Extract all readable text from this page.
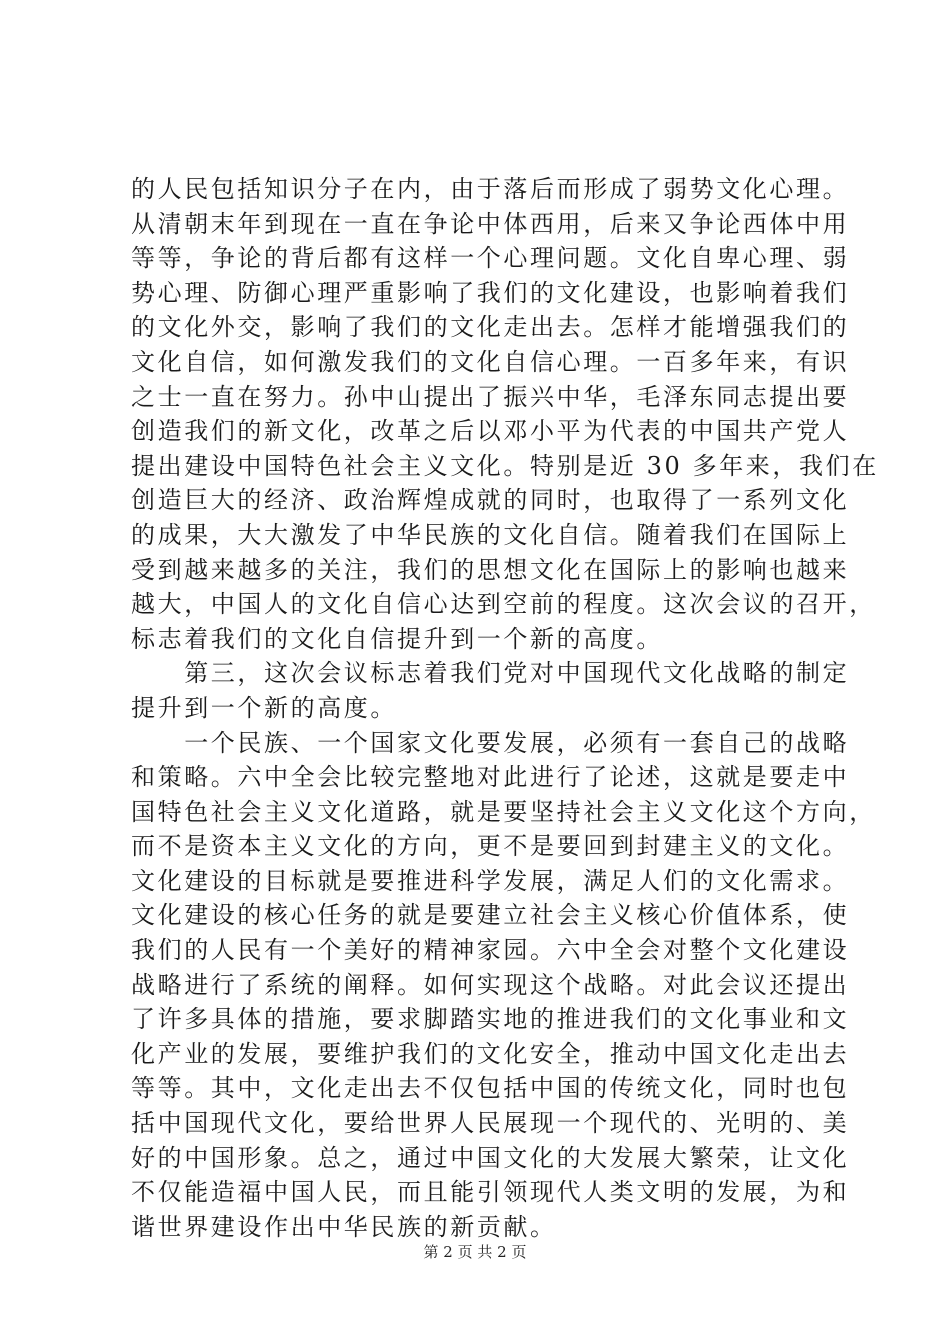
的人民包括知识分子在内，由于落后而形成了弱势文化心理。
从清朝末年到现在一直在争论中体西用，后来又争论西体中用
等等，争论的背后都有这样一个心理问题。文化自卑心理、弱
势心理、防御心理严重影响了我们的文化建设，也影响着我们
的文化外交，影响了我们的文化走出去。怎样才能增强我们的
文化自信，如何激发我们的文化自信心理。一百多年来，有识
之士一直在努力。孙中山提出了振兴中华，毛泽东同志提出要
创造我们的新文化，改革之后以邓小平为代表的中国共产党人
提出建设中国特色社会主义文化。特别是近 30 多年来，我们在
创造巨大的经济、政治辉煌成就的同时，也取得了一系列文化
的成果，大大激发了中华民族的文化自信。随着我们在国际上
受到越来越多的关注，我们的思想文化在国际上的影响也越来
越大，中国人的文化自信心达到空前的程度。这次会议的召开，
标志着我们的文化自信提升到一个新的高度。
　　第三，这次会议标志着我们党对中国现代文化战略的制定
提升到一个新的高度。
　　一个民族、一个国家文化要发展，必须有一套自己的战略
和策略。六中全会比较完整地对此进行了论述，这就是要走中
国特色社会主义文化道路，就是要坚持社会主义文化这个方向，
而不是资本主义文化的方向，更不是要回到封建主义的文化。
文化建设的目标就是要推进科学发展，满足人们的文化需求。
文化建设的核心任务的就是要建立社会主义核心价值体系，使
我们的人民有一个美好的精神家园。六中全会对整个文化建设
战略进行了系统的阐释。如何实现这个战略。对此会议还提出
了许多具体的措施，要求脚踏实地的推进我们的文化事业和文
化产业的发展，要维护我们的文化安全，推动中国文化走出去
等等。其中，文化走出去不仅包括中国的传统文化，同时也包
括中国现代文化，要给世界人民展现一个现代的、光明的、美
好的中国形象。总之，通过中国文化的大发展大繁荣，让文化
不仅能造福中国人民，而且能引领现代人类文明的发展，为和
谐世界建设作出中华民族的新贡献。
第 2 页 共 2 页
